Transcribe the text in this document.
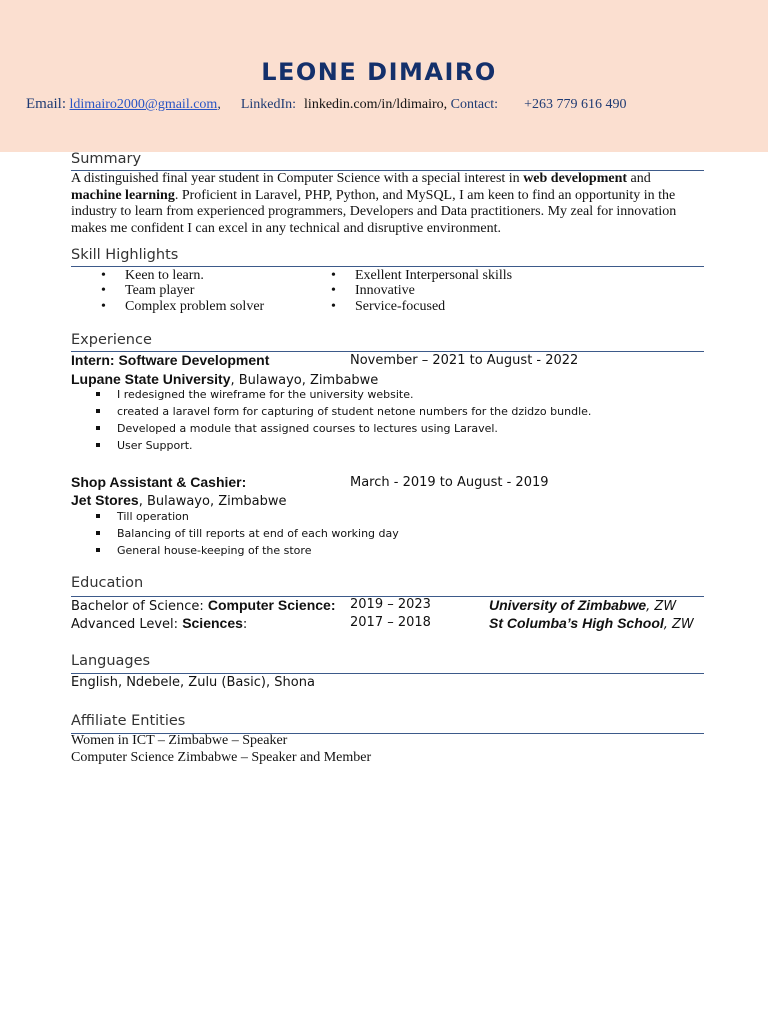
LEONE DIMAIRO
Email: ldimairo2000@gmail.com, LinkedIn: linkedin.com/in/ldimairo, Contact: +263 779 616 490
Summary
A distinguished final year student in Computer Science with a special interest in web development and machine learning. Proficient in Laravel, PHP, Python, and MySQL, I am keen to find an opportunity in the industry to learn from experienced programmers, Developers and Data practitioners. My zeal for innovation makes me confident I can excel in any technical and disruptive environment.
Skill Highlights
• Keen to learn.
• Team player
• Complex problem solver
• Exellent Interpersonal skills
• Innovative
• Service-focused
Experience
Intern: Software Development	November – 2021 to August - 2022
Lupane State University, Bulawayo, Zimbabwe
I redesigned the wireframe for the university website.
created a laravel form for capturing of student netone numbers for the dzidzo bundle.
Developed a module that assigned courses to lectures using Laravel.
User Support.
Shop Assistant & Cashier:	March - 2019 to August - 2019
Jet Stores, Bulawayo, Zimbabwe
Till operation
Balancing of till reports at end of each working day
General house-keeping of the store
Education
Bachelor of Science: Computer Science: 2019 – 2023	University of Zimbabwe, ZW
Advanced Level: Sciences:	2017 – 2018	St Columba’s High School, ZW
Languages
English, Ndebele, Zulu (Basic), Shona
Affiliate Entities
Women in ICT – Zimbabwe – Speaker
Computer Science Zimbabwe – Speaker and Member
